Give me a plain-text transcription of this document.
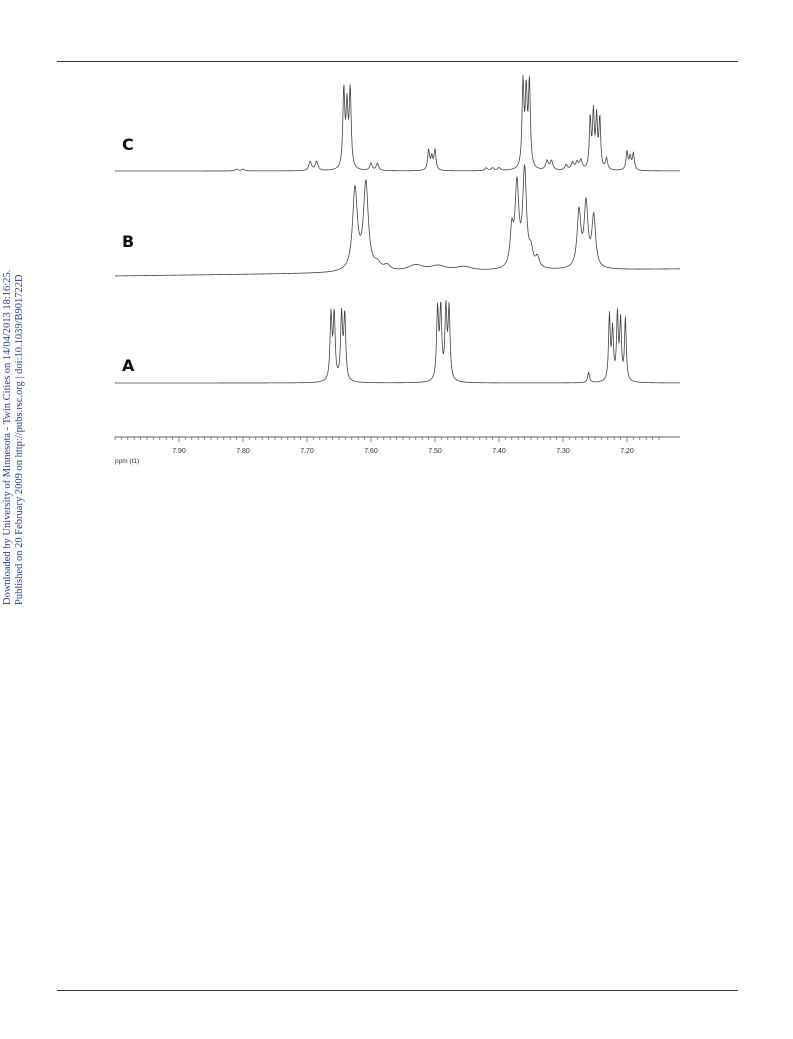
Downloaded by University of Minnesota - Twin Cities on 14/04/2013 18:16:25. Published on 20 February 2009 on http://pubs.rsc.org | doi:10.1039/B901722D
C
B
A
7.90	7.80	7.70	7.60	7.50	7.40	7.30	7.20
ppm (t1)
